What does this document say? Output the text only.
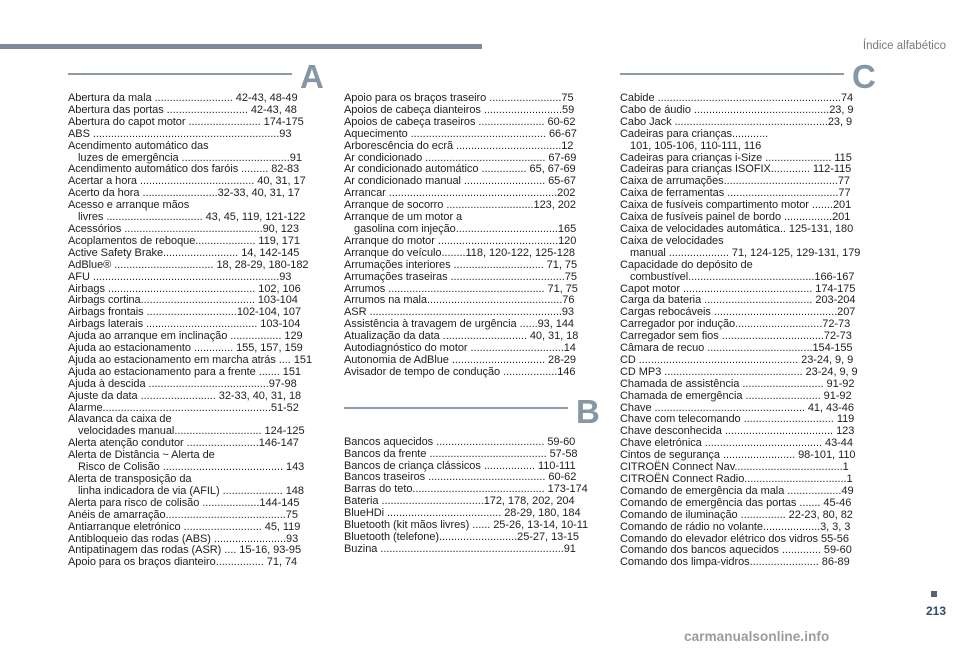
Índice alfabético
A
Abertura da mala .......................... 42-43, 48-49
Abertura das portas ........................... 42-43, 48
Abertura do capot motor ........................ 174-175
ABS ..............................................................93
Acendimento automático das
luzes de emergência ....................................91
Acendimento automático dos faróis ......... 82-83
Acertar a hora ...................................... 40, 31, 17
Acerto da hora .........................32-33, 40, 31, 17
Acesso e arranque mãos
livres ................................ 43, 45, 119, 121-122
Acessórios ..............................................90, 123
Acoplamentos de reboque.................... 119, 171
Active Safety Brake......................... 14, 142-145
AdBlue® ................................. 18, 28-29, 180-182
AFU ..............................................................93
Airbags ................................................. 102, 106
Airbags cortina...................................... 103-104
Airbags frontais ..............................102-104, 107
Airbags laterais ..................................... 103-104
Ajuda ao arranque em inclinação ................. 129
Ajuda ao estacionamento ............. 155, 157, 159
Ajuda ao estacionamento em marcha atrás .... 151
Ajuda ao estacionamento para a frente ....... 151
Ajuda à descida ........................................97-98
Ajuste da data ......................... 32-33, 40, 31, 18
Alarme........................................................51-52
Alavanca da caixa de
velocidades manual............................. 124-125
Alerta atenção condutor ........................146-147
Alerta de Distância ~ Alerta de
Risco de Colisão ........................................ 143
Alerta de transposição da
linha indicadora de via (AFIL) .................... 148
Alerta para risco de colisão ...................144-145
Anéis de amarração........................................75
Antiarranque eletrónico .......................... 45, 119
Antibloqueio das rodas (ABS) ........................93
Antipatinagem das rodas (ASR) .... 15-16, 93-95
Apoio para os braços dianteiro................ 71, 74
Apoio para os braços traseiro ........................75
Apoios de cabeça dianteiros ..........................59
Apoios de cabeça traseiros ...................... 60-62
Aquecimento ............................................. 66-67
Arborescência do ecrã ...................................12
Ar condicionado ........................................ 67-69
Ar condicionado automático ............... 65, 67-69
Ar condicionado manual ........................... 65-67
Arrancar ........................................................202
Arranque de socorro .............................123, 202
Arranque de um motor a
gasolina com injeção..................................165
Arranque do motor ........................................120
Arranque do veículo........118, 120-122, 125-128
Arrumações interiores .............................. 71, 75
Arrumações traseiras ......................................75
Arrumos .................................................... 71, 75
Arrumos na mala.............................................76
ASR ................................................................93
Assistência à travagem de urgência ......93, 144
Atualização da data ............................ 40, 31, 18
Autodiagnóstico do motor ...............................14
Autonomia de AdBlue ............................... 28-29
Avisador de tempo de condução ..................146
B
Bancos aquecidos .................................... 59-60
Bancos da frente ....................................... 57-58
Bancos de criança clássicos ................. 110-111
Bancos traseiros ....................................... 60-62
Barras do teto............................................ 173-174
Bateria ..................................172, 178, 202, 204
BlueHDi ...................................... 28-29, 180, 184
Bluetooth (kit mãos livres) ...... 25-26, 13-14, 10-11
Bluetooth (telefone)..........................25-27, 13-15
Buzina .............................................................91
C
Cabide .............................................................74
Cabo de áudio .............................................23, 9
Cabo Jack ...................................................23, 9
Cadeiras para crianças............
101, 105-106, 110-111, 116
Cadeiras para crianças i-Size ...................... 115
Cadeiras para crianças ISOFIX............. 112-115
Caixa de arrumações......................................77
Caixa de ferramentas .....................................77
Caixa de fusíveis compartimento motor .......201
Caixa de fusíveis painel de bordo ................201
Caixa de velocidades automática.. 125-131, 180
Caixa de velocidades
manual .................... 71, 124-125, 129-131, 179
Capacidade do depósito de
combustível..........................................166-167
Capot motor ........................................... 174-175
Carga da bateria .................................... 203-204
Cargas rebocáveis .........................................207
Carregador por indução.............................72-73
Carregador sem fios ..................................72-73
Câmara de recuo ...................................154-155
CD ..................................................... 23-24, 9, 9
CD MP3 .............................................. 23-24, 9, 9
Chamada de assistência ........................... 91-92
Chamada de emergência ......................... 91-92
Chave .................................................. 41, 43-46
Chave com telecomando .............................. 119
Chave desconhecida .................................... 123
Chave eletrónica ....................................... 43-44
Cintos de segurança ........................ 98-101, 110
CITROËN Connect Nav....................................1
CITROËN Connect Radio..................................1
Comando de emergência da mala ..................49
Comando de emergência das portas ....... 45-46
Comando de iluminação ............... 22-23, 80, 82
Comando de rádio no volante...................3, 3, 3
Comando do elevador elétrico dos vidros 55-56
Comando dos bancos aquecidos ............. 59-60
Comando dos limpa-vidros....................... 86-89
213
carmanualsonline.info
